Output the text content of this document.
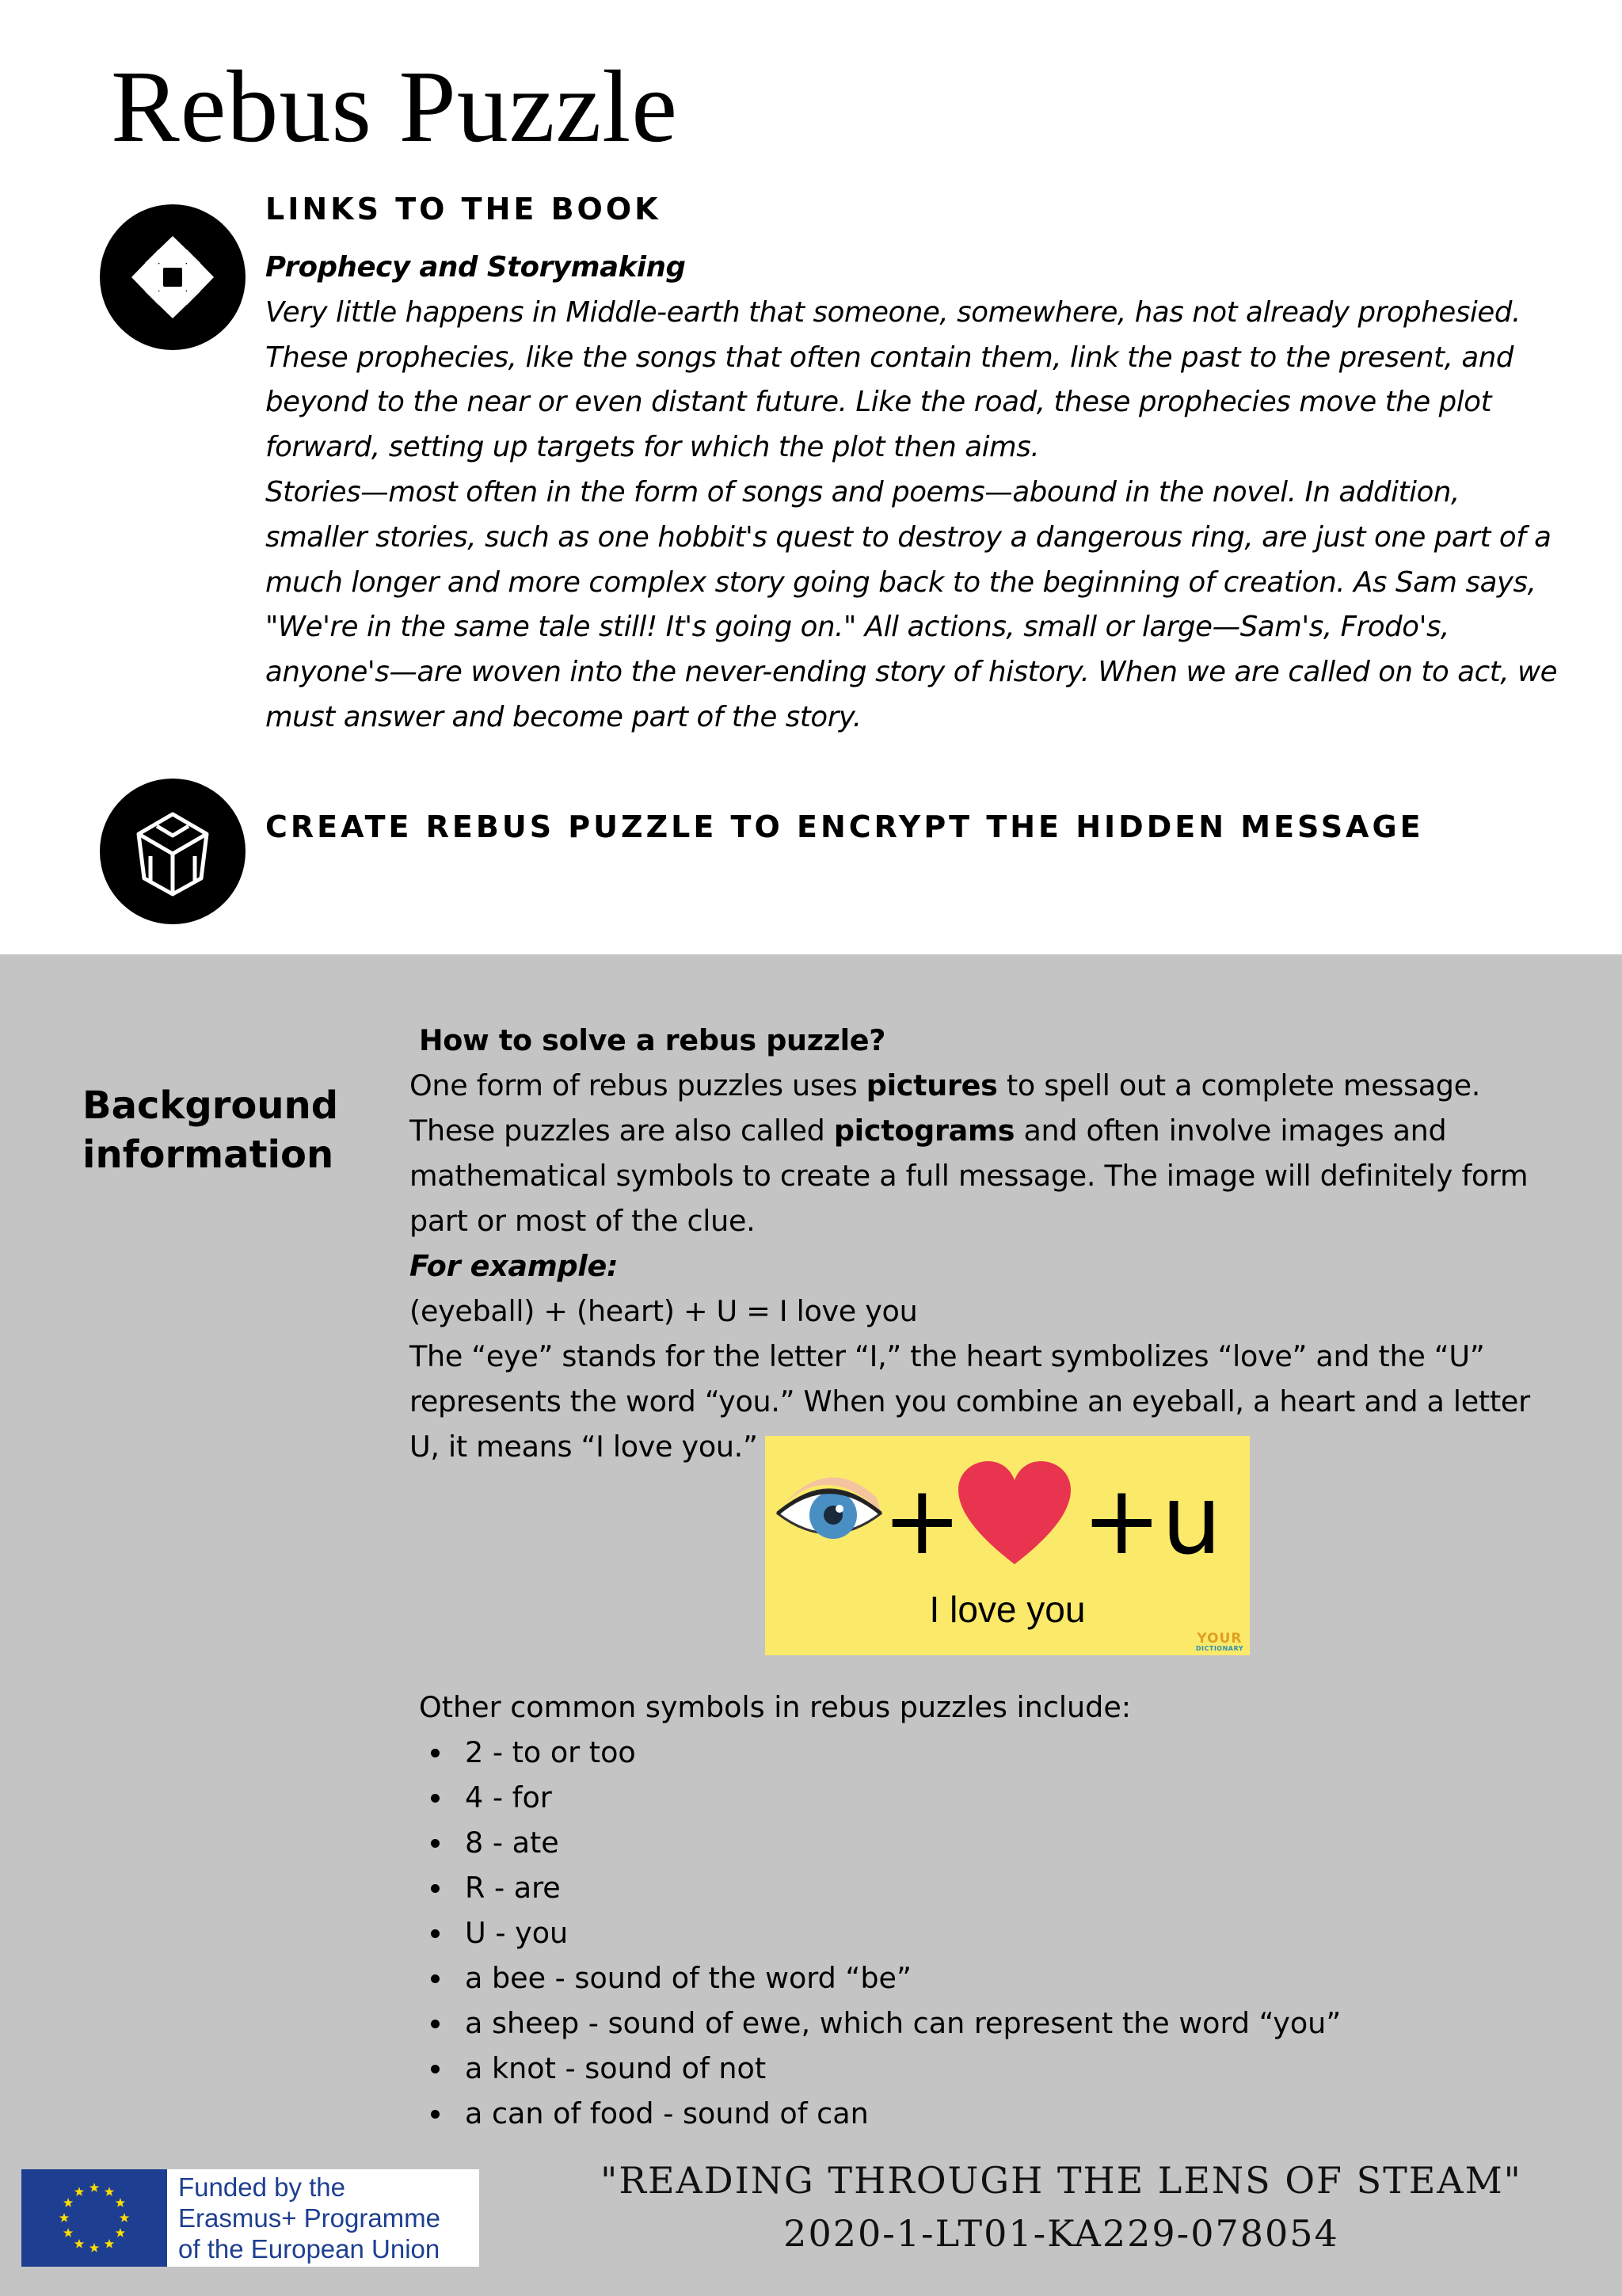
Rebus Puzzle
LINKS TO THE BOOK

Prophecy and Storymaking

Very little happens in Middle-earth that someone, somewhere, has not already prophesied. These prophecies, like the songs that often contain them, link the past to the present, and beyond to the near or even distant future. Like the road, these prophecies move the plot forward, setting up targets for which the plot then aims.

Stories—most often in the form of songs and poems—abound in the novel. In addition, smaller stories, such as one hobbit's quest to destroy a dangerous ring, are just one part of a much longer and more complex story going back to the beginning of creation. As Sam says, "We're in the same tale still! It's going on." All actions, small or large—Sam's, Frodo's, anyone's—are woven into the never-ending story of history. When we are called on to act, we must answer and become part of the story.

CREATE REBUS PUZZLE TO ENCRYPT THE HIDDEN MESSAGE
Background
information

How to solve a rebus puzzle?

One form of rebus puzzles uses pictures to spell out a complete message. These puzzles are also called pictograms and often involve images and mathematical symbols to create a full message. The image will definitely form part or most of the clue.

For example:

(eyeball) + (heart) + U = I love you

The “eye” stands for the letter “I,” the heart symbolizes “love” and the “U” represents the word “you.” When you combine an eyeball, a heart and a letter U, it means “I love you.”

+ +u
I love you
YOUR
DICTIONARY

Other common symbols in rebus puzzles include:

2 - to or too
4 - for
8 - ate
R - are
U - you
a bee - sound of the word “be”
a sheep - sound of ewe, which can represent the word “you”
a knot - sound of not
a can of food - sound of can
Funded by the
Erasmus+ Programme
of the European Union
"READING THROUGH THE LENS OF STEAM"
2020-1-LT01-KA229-078054
